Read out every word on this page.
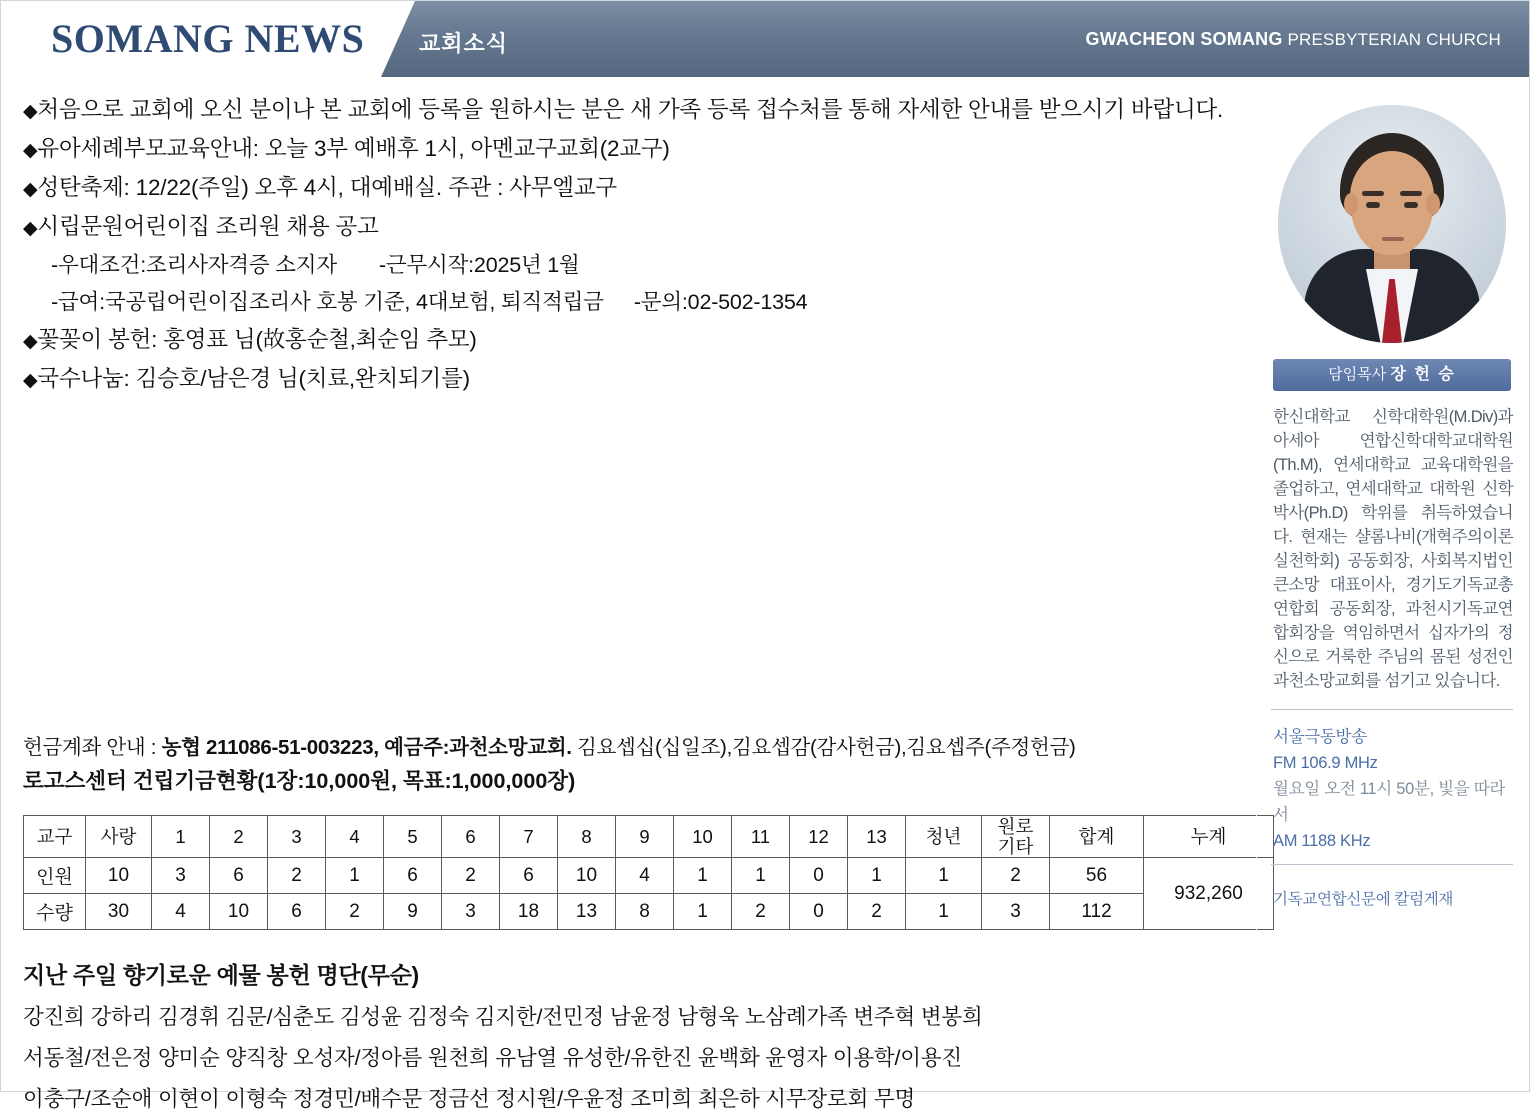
SOMANG NEWS 교회소식	GWACHEON SOMANG PRESBYTERIAN CHURCH
◆처음으로 교회에 오신 분이나 본 교회에 등록을 원하시는 분은 새 가족 등록 접수처를 통해 자세한 안내를 받으시기 바랍니다.
◆유아세례부모교육안내: 오늘 3부 예배후 1시, 아멘교구교회(2교구)
◆성탄축제: 12/22(주일) 오후 4시, 대예배실. 주관 : 사무엘교구
◆시립문원어린이집 조리원 채용 공고
-우대조건:조리사자격증 소지자 -근무시작:2025년 1월
-급여:국공립어린이집조리사 호봉 기준, 4대보험, 퇴직적립금 -문의:02-502-1354
◆꽃꽂이 봉헌: 홍영표 님(故홍순철,최순임 추모)
◆국수나눔: 김승호/남은경 님(치료,완치되기를)
헌금계좌 안내 : 농협 211086-51-003223, 예금주:과천소망교회. 김요셉십(십일조),김요셉감(감사헌금),김요셉주(주정헌금)
로고스센터 건립기금현황(1장:10,000원, 목표:1,000,000장)
교구	사랑	1	2	3	4	5	6	7	8	9	10	11	12	13	청년	원로
기타	합계	누계
인원	10	3	6	2	1	6	2	6	10	4	1	1	0	1	1	2	56	932,260
수량	30	4	10	6	2	9	3	18	13	8	1	2	0	2	1	3	112	
지난 주일 향기로운 예물 봉헌 명단(무순)
강진희 강하리 김경휘 김문/심춘도 김성윤 김정숙 김지한/전민정 남윤정 남형욱 노삼례가족 변주혁 변봉희
서동철/전은정 양미순 양직창 오성자/정아름 원천희 유남열 유성한/유한진 윤백화 윤영자 이용학/이용진
이충구/조순애 이현이 이형숙 정경민/배수문 정금선 정시원/우윤정 조미희 최은하 시무장로회 무명
담임목사 장 헌 승
한신대학교 신학대학원(M.Div)과 아세아 연합신학대학교대학원(Th.M), 연세대학교 교육대학원을 졸업하고, 연세대학교 대학원 신학박사(Ph.D) 학위를 취득하였습니다. 현재는 샬롬나비(개혁주의이론 실천학회) 공동회장, 사회복지법인 큰소망 대표이사, 경기도기독교총연합회 공동회장, 과천시기독교연합회장을 역임하면서 십자가의 정신으로 거룩한 주님의 몸된 성전인 과천소망교회를 섬기고 있습니다.
서울극동방송
FM 106.9 MHz
월요일 오전 11시 50분, 빛을 따라서
AM 1188 KHz
기독교연합신문에 칼럼게재
